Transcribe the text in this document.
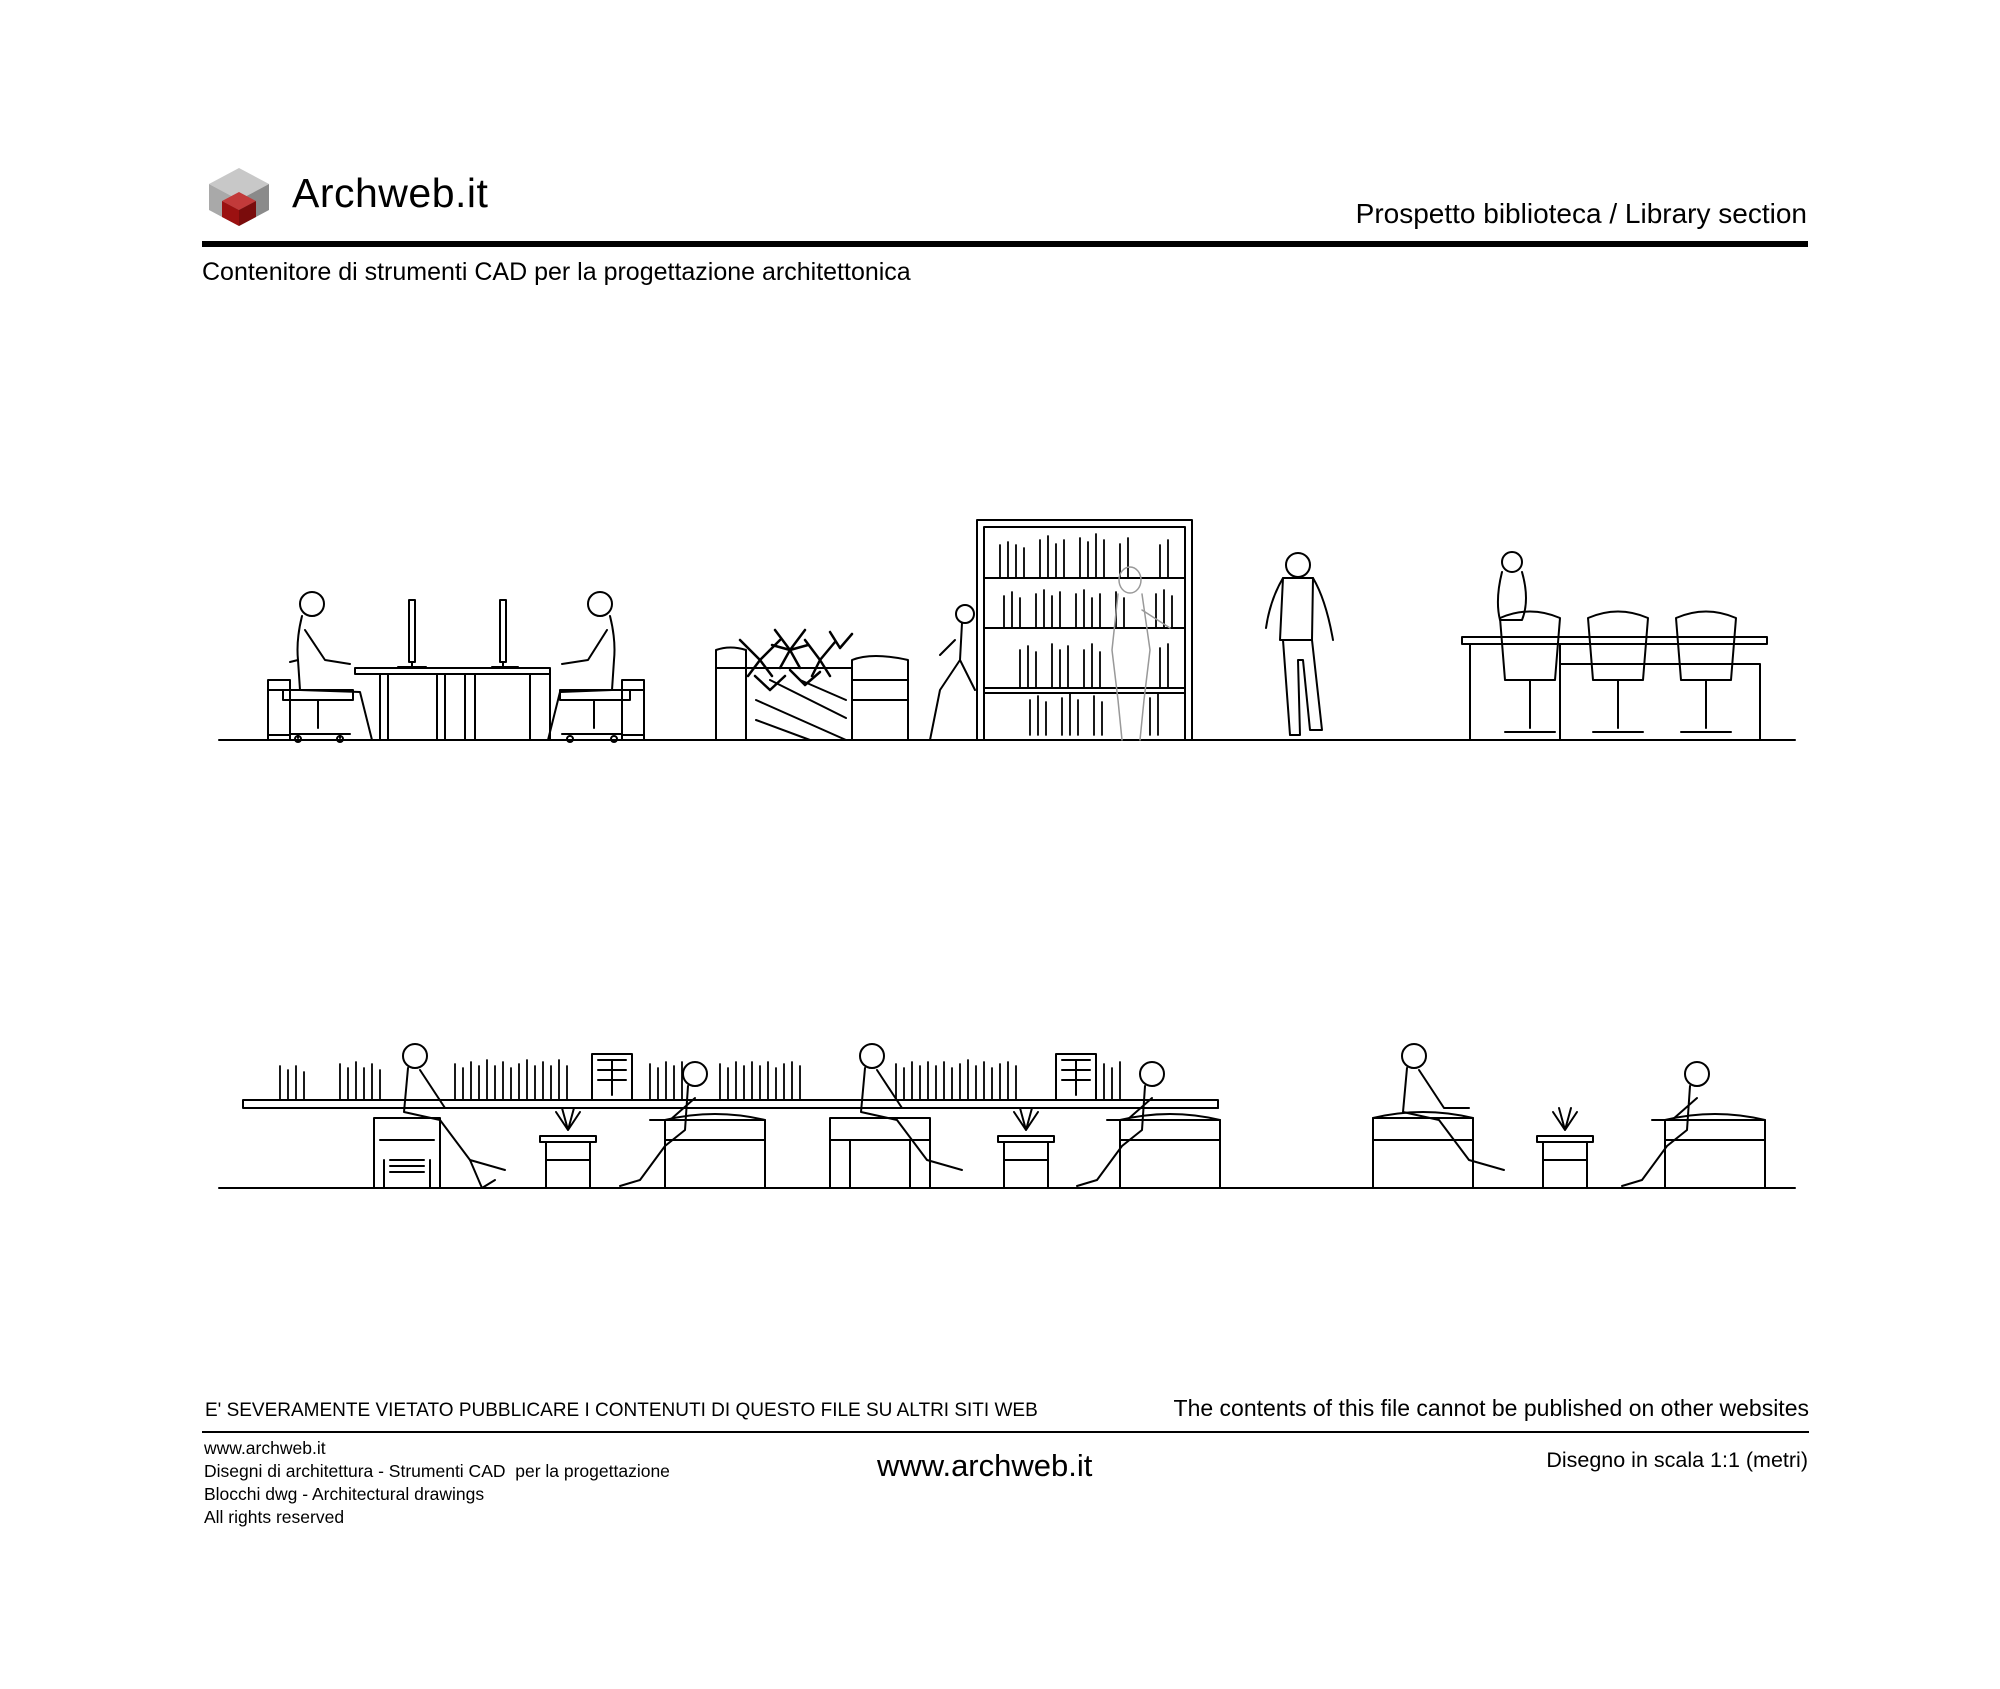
Archweb.it	Prospetto biblioteca / Library section
Contenitore di strumenti CAD per la progettazione architettonica
E' SEVERAMENTE VIETATO PUBBLICARE I CONTENUTI DI QUESTO FILE SU ALTRI SITI WEB	The contents of this file cannot be published on other websites
www.archweb.it
Disegni di architettura - Strumenti CAD  per la progettazione
Blocchi dwg - Architectural drawings
All rights reserved
www.archweb.it	Disegno in scala 1:1 (metri)
